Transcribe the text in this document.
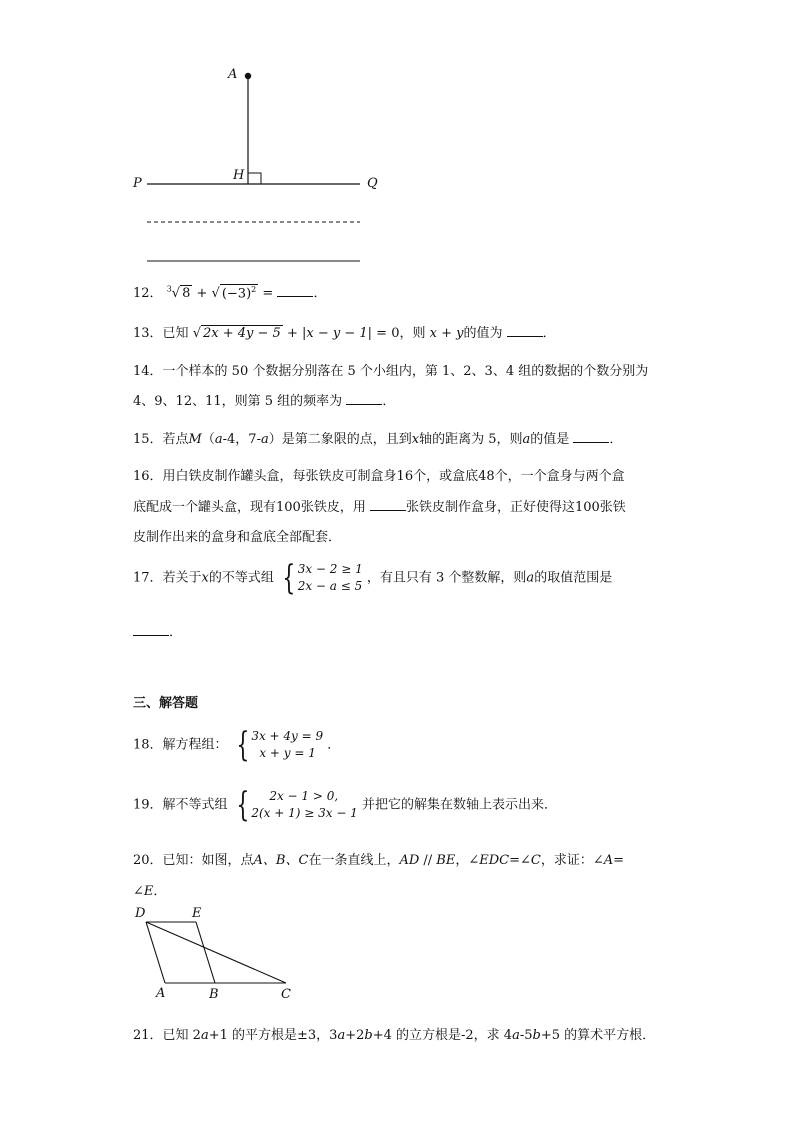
A
H
P	Q
12． $^3$√ 8 + √ $(-3)^2$ =	．
13．已知 √ 2x + 4y − 5 + |x − y − 1| = 0，则 x + y的值为	．
14．一个样本的 50 个数据分别落在 5 个小组内，第 1、2、3、4 组的数据的个数分别为
4、9、12、11，则第 5 组的频率为	．
15．若点M（a-4，7-a）是第二象限的点，且到x轴的距离为 5，则a的值是	．
16．用白铁皮制作罐头盒，每张铁皮可制盒身16个，或盒底48个，一个盒身与两个盒
底配成一个罐头盒，现有100张铁皮，用	张铁皮制作盒身，正好使得这100张铁
皮制作出来的盒身和盒底全部配套．
17．若关于x的不等式组 { 3x − 2 ≥ 1
2x − a ≤ 5
，有且只有 3 个整数解，则a的取值范围是
．
三、解答题
18．解方程组： { 3x + 4y = 9
x + y = 1
．
19．解不等式组 {	2x − 1 > 0,
2(x + 1) ≥ 3x − 1
并把它的解集在数轴上表示出来．
20．已知：如图，点A、B、C在一条直线上，AD // BE，∠EDC=∠C，求证：∠A=
∠E．
D	E
A	B	C
21．已知 2a+1 的平方根是±3，3a+2b+4 的立方根是-2，求 4a-5b+5 的算术平方根．
